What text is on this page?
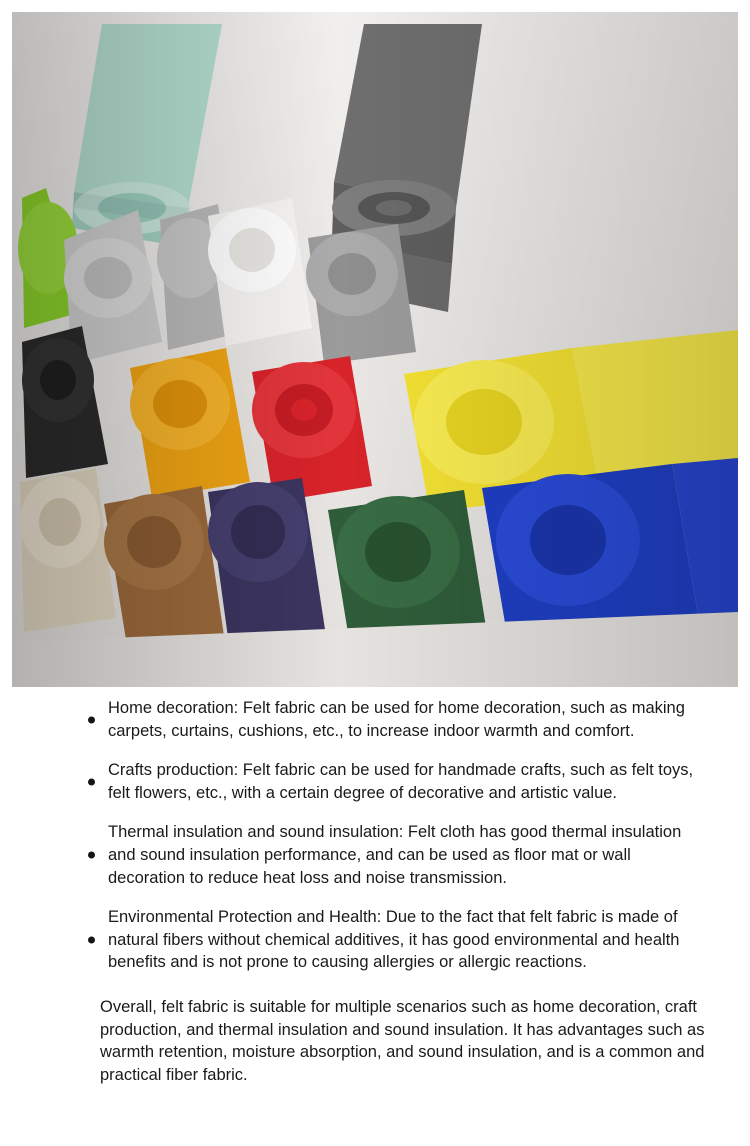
Home decoration: Felt fabric can be used for home decoration, such as making carpets, curtains, cushions, etc., to increase indoor warmth and comfort.
Crafts production: Felt fabric can be used for handmade crafts, such as felt toys, felt flowers, etc., with a certain degree of decorative and artistic value.
Thermal insulation and sound insulation: Felt cloth has good thermal insulation and sound insulation performance, and can be used as floor mat or wall decoration to reduce heat loss and noise transmission.
Environmental Protection and Health: Due to the fact that felt fabric is made of natural fibers without chemical additives, it has good environmental and health benefits and is not prone to causing allergies or allergic reactions.

Overall, felt fabric is suitable for multiple scenarios such as home decoration, craft production, and thermal insulation and sound insulation. It has advantages such as warmth retention, moisture absorption, and sound insulation, and is a common and practical fiber fabric.
